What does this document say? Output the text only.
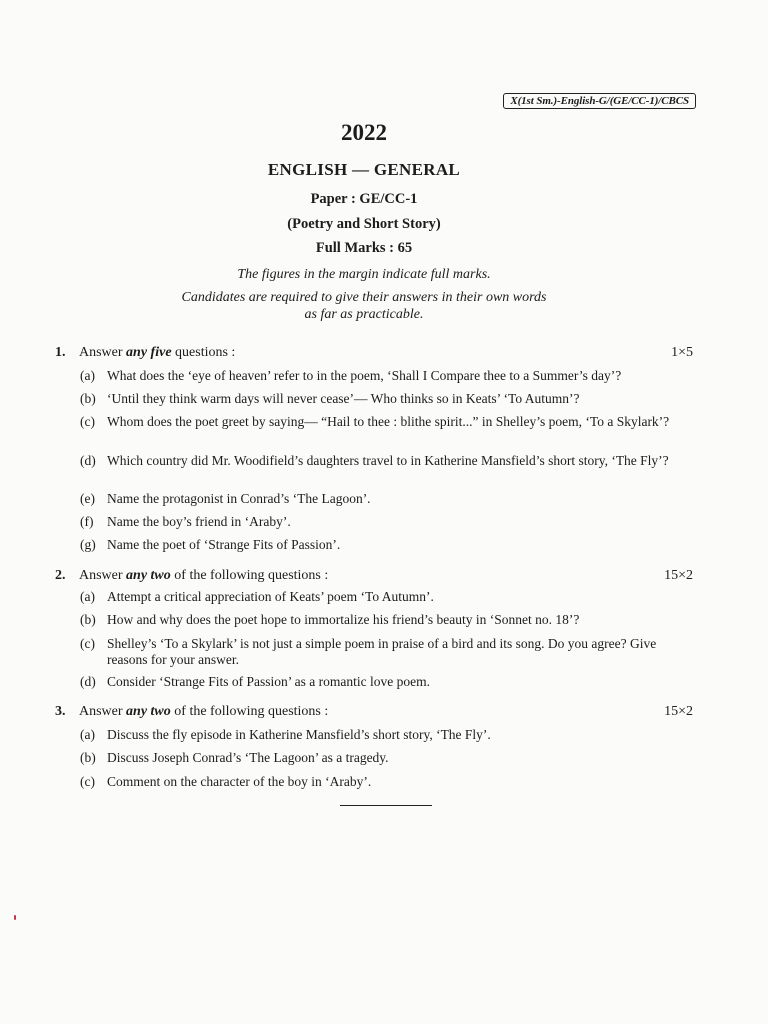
X(1st Sm.)-English-G/(GE/CC-1)/CBCS
2022
ENGLISH — GENERAL
Paper : GE/CC-1
(Poetry and Short Story)
Full Marks : 65
The figures in the margin indicate full marks.
Candidates are required to give their answers in their own words
as far as practicable.
1. Answer any five questions :	1×5
(a) What does the ‘eye of heaven’ refer to in the poem, ‘Shall I Compare thee to a Summer’s day’?
(b) ‘Until they think warm days will never cease’— Who thinks so in Keats’ ‘To Autumn’?
(c) Whom does the poet greet by saying— “Hail to thee : blithe spirit...” in Shelley’s poem, ‘To a Skylark’?
(d) Which country did Mr. Woodifield’s daughters travel to in Katherine Mansfield’s short story, ‘The Fly’?
(e) Name the protagonist in Conrad’s ‘The Lagoon’.
(f)	Name the boy’s friend in ‘Araby’.
(g) Name the poet of ‘Strange Fits of Passion’.
2. Answer any two of the following questions :	15×2
(a) Attempt a critical appreciation of Keats’ poem ‘To Autumn’.
(b) How and why does the poet hope to immortalize his friend’s beauty in ‘Sonnet no. 18’?
(c) Shelley’s ‘To a Skylark’ is not just a simple poem in praise of a bird and its song. Do you agree? Give reasons for your answer.
(d) Consider ‘Strange Fits of Passion’ as a romantic love poem.
3. Answer any two of the following questions :	15×2
(a) Discuss the fly episode in Katherine Mansfield’s short story, ‘The Fly’.
(b) Discuss Joseph Conrad’s ‘The Lagoon’ as a tragedy.
(c) Comment on the character of the boy in ‘Araby’.
